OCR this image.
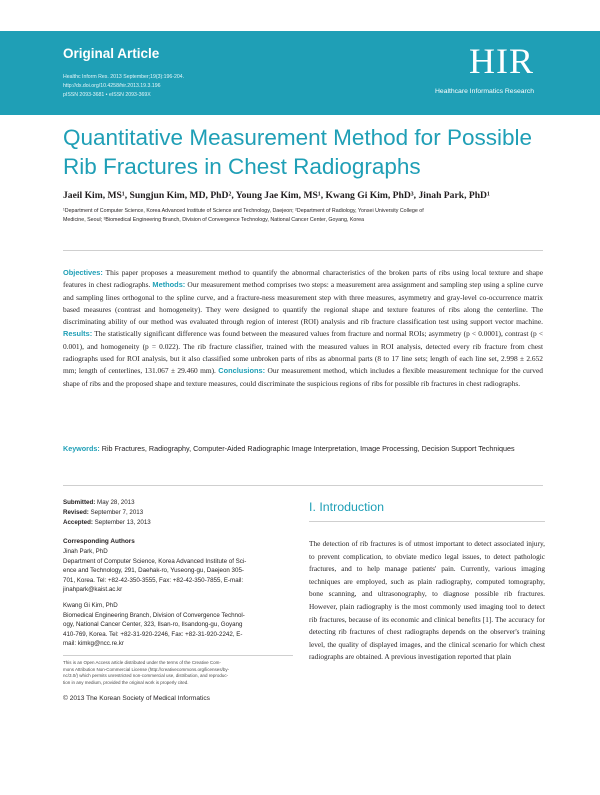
Original Article
Healthc Inform Res. 2013 September;19(3):196-204.
http://dx.doi.org/10.4258/hir.2013.19.3.196
pISSN 2093-3681 • eISSN 2093-369X
HIR
Healthcare Informatics Research
Quantitative Measurement Method for Possible
Rib Fractures in Chest Radiographs
Jaeil Kim, MS¹, Sungjun Kim, MD, PhD², Young Jae Kim, MS¹, Kwang Gi Kim, PhD³, Jinah Park, PhD¹
¹Department of Computer Science, Korea Advanced Institute of Science and Technology, Daejeon; ²Department of Radiology, Yonsei University College of
Medicine, Seoul; ³Biomedical Engineering Branch, Division of Convergence Technology, National Cancer Center, Goyang, Korea
Objectives: This paper proposes a measurement method to quantify the abnormal characteristics of the broken parts of ribs using local texture and shape features in chest radiographs. Methods: Our measurement method comprises two steps: a measurement area assignment and sampling step using a spline curve and sampling lines orthogonal to the spline curve, and a fracture-ness measurement step with three measures, asymmetry and gray-level co-occurrence matrix based measures (contrast and homogeneity). They were designed to quantify the regional shape and texture features of ribs along the centerline. The discriminating ability of our method was evaluated through region of interest (ROI) analysis and rib fracture classification test using support vector machine. Results: The statistically significant difference was found between the measured values from fracture and normal ROIs; asymmetry (p < 0.0001), contrast (p < 0.001), and homogeneity (p = 0.022). The rib fracture classifier, trained with the measured values in ROI analysis, detected every rib fracture from chest radiographs used for ROI analysis, but it also classified some unbroken parts of ribs as abnormal parts (8 to 17 line sets; length of each line set, 2.998 ± 2.652 mm; length of centerlines, 131.067 ± 29.460 mm). Conclusions: Our measurement method, which includes a flexible measurement technique for the curved shape of ribs and the proposed shape and texture measures, could discriminate the suspicious regions of ribs for possible rib fractures in chest radiographs.
Keywords: Rib Fractures, Radiography, Computer-Aided Radiographic Image Interpretation, Image Processing, Decision Support Techniques
Submitted: May 28, 2013
Revised: September 7, 2013
Accepted: September 13, 2013
Corresponding Authors
Jinah Park, PhD
Department of Computer Science, Korea Advanced Institute of Sci-
ence and Technology, 291, Daehak-ro, Yuseong-gu, Daejeon 305-
701, Korea. Tel: +82-42-350-3555, Fax: +82-42-350-7855, E-mail:
jinahpark@kaist.ac.kr
Kwang Gi Kim, PhD
Biomedical Engineering Branch, Division of Convergence Technol-
ogy, National Cancer Center, 323, Ilsan-ro, Ilsandong-gu, Goyang
410-769, Korea. Tel: +82-31-920-2246, Fax: +82-31-920-2242, E-
mail: kimkg@ncc.re.kr
This is an Open Access article distributed under the terms of the Creative Com-
mons Attribution Non-Commercial License (http://creativecommons.org/licenses/by-
nc/3.0/) which permits unrestricted non-commercial use, distribution, and reproduc-
tion in any medium, provided the original work is properly cited.
© 2013 The Korean Society of Medical Informatics
I. Introduction
The detection of rib fractures is of utmost important to detect associated injury, to prevent complication, to obviate medico legal issues, to detect pathologic fractures, and to help manage patients' pain. Currently, various imaging techniques are employed, such as plain radiography, computed tomography, bone scanning, and ultrasonography, to diagnose possible rib fractures. However, plain radiography is the most commonly used imaging tool to detect rib fractures, because of its economic and clinical benefits [1]. The accuracy for detecting rib fractures of chest radiographs depends on the observer's training level, the quality of displayed images, and the clinical scenario for which chest radiographs are obtained. A previous investigation reported that plain
